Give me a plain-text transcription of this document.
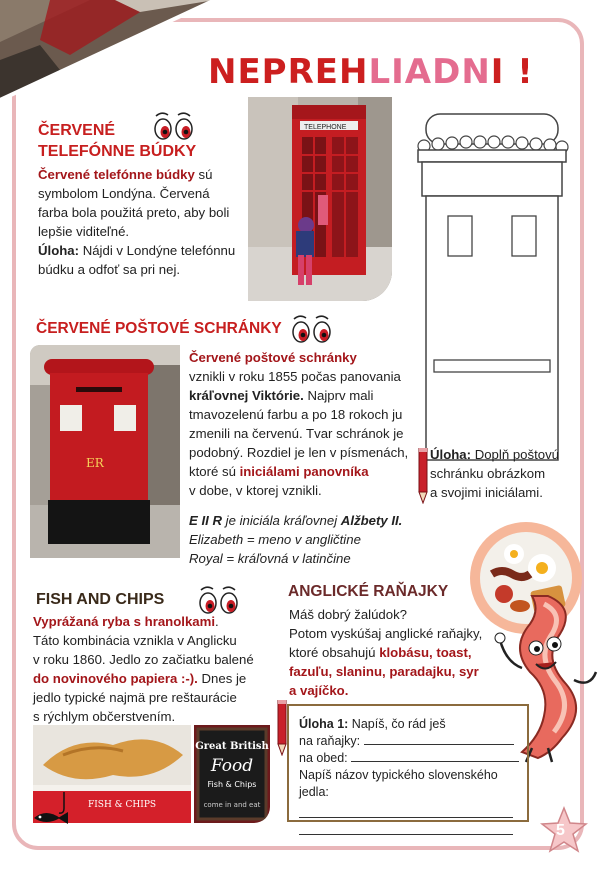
NEPREHLIADNI !
ČERVENÉ
TELEFÓNNE BÚDKY
Červené telefónne búdky sú
symbolom Londýna. Červená
farba bola použitá preto, aby boli
lepšie viditeľné.
Úloha: Nájdi v Londýne telefónnu
búdku a odfoť sa pri nej.
TELEPHONE
ČERVENÉ POŠTOVÉ SCHRÁNKY
ER
Červené poštové schránky
vznikli v roku 1855 počas panovania
kráľovnej Viktórie. Najprv mali
tmavozelenú farbu a po 18 rokoch ju
zmenili na červenú. Tvar schránok je
podobný. Rozdiel je len v písmenách,
ktoré sú iniciálami panovníka
v dobe, v ktorej vznikli.
E II R je iniciála kráľovnej Alžbety II.
Elizabeth = meno v angličtine
Royal = kráľovná v latinčine
Úloha: Doplň poštovú
schránku obrázkom
a svojimi iniciálami.
FISH AND CHIPS
Vyprážaná ryba s hranolkami.
Táto kombinácia vznikla v Anglicku
v roku 1860. Jedlo zo začiatku balené
do novinového papiera :-). Dnes je
jedlo typické najmä pre reštaurácie
s rýchlym občerstvením.
FISH & CHIPS
Great British
Food
Fish & Chips
come in and eat
ANGLICKÉ RAŇAJKY
Máš dobrý žalúdok?
Potom vyskúšaj anglické raňajky,
ktoré obsahujú klobásu, toast,
fazuľu, slaninu, paradajku, syr
a vajíčko.
Úloha 1: Napíš, čo rád ješ
na raňajky:
na obed:
Napíš názov typického slovenského jedla:
5
